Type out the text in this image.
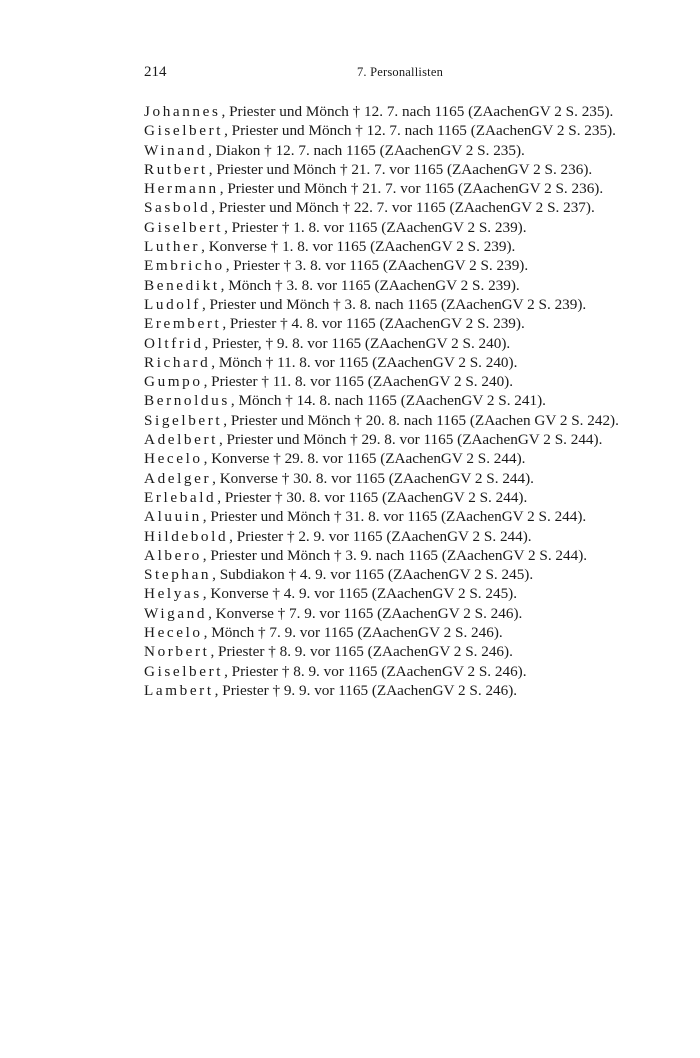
214	7. Personallisten
Johannes, Priester und Mönch † 12. 7. nach 1165 (ZAachenGV 2 S. 235).
Giselbert, Priester und Mönch † 12. 7. nach 1165 (ZAachenGV 2 S. 235).
Winand, Diakon † 12. 7. nach 1165 (ZAachenGV 2 S. 235).
Rutbert, Priester und Mönch † 21. 7. vor 1165 (ZAachenGV 2 S. 236).
Hermann, Priester und Mönch † 21. 7. vor 1165 (ZAachenGV 2 S. 236).
Sasbold, Priester und Mönch † 22. 7. vor 1165 (ZAachenGV 2 S. 237).
Giselbert, Priester † 1. 8. vor 1165 (ZAachenGV 2 S. 239).
Luther, Konverse † 1. 8. vor 1165 (ZAachenGV 2 S. 239).
Embricho, Priester † 3. 8. vor 1165 (ZAachenGV 2 S. 239).
Benedikt, Mönch † 3. 8. vor 1165 (ZAachenGV 2 S. 239).
Ludolf, Priester und Mönch † 3. 8. nach 1165 (ZAachenGV 2 S. 239).
Erembert, Priester † 4. 8. vor 1165 (ZAachenGV 2 S. 239).
Oltfrid, Priester, † 9. 8. vor 1165 (ZAachenGV 2 S. 240).
Richard, Mönch † 11. 8. vor 1165 (ZAachenGV 2 S. 240).
Gumpo, Priester † 11. 8. vor 1165 (ZAachenGV 2 S. 240).
Bernoldus, Mönch † 14. 8. nach 1165 (ZAachenGV 2 S. 241).
Sigelbert, Priester und Mönch † 20. 8. nach 1165 (ZAachen GV 2 S. 242).
Adelbert, Priester und Mönch † 29. 8. vor 1165 (ZAachenGV 2 S. 244).
Hecelo, Konverse † 29. 8. vor 1165 (ZAachenGV 2 S. 244).
Adelger, Konverse † 30. 8. vor 1165 (ZAachenGV 2 S. 244).
Erlebald, Priester † 30. 8. vor 1165 (ZAachenGV 2 S. 244).
Aluuin, Priester und Mönch † 31. 8. vor 1165 (ZAachenGV 2 S. 244).
Hildebold, Priester † 2. 9. vor 1165 (ZAachenGV 2 S. 244).
Albero, Priester und Mönch † 3. 9. nach 1165 (ZAachenGV 2 S. 244).
Stephan, Subdiakon † 4. 9. vor 1165 (ZAachenGV 2 S. 245).
Helyas, Konverse † 4. 9. vor 1165 (ZAachenGV 2 S. 245).
Wigand, Konverse † 7. 9. vor 1165 (ZAachenGV 2 S. 246).
Hecelo, Mönch † 7. 9. vor 1165 (ZAachenGV 2 S. 246).
Norbert, Priester † 8. 9. vor 1165 (ZAachenGV 2 S. 246).
Giselbert, Priester † 8. 9. vor 1165 (ZAachenGV 2 S. 246).
Lambert, Priester † 9. 9. vor 1165 (ZAachenGV 2 S. 246).
